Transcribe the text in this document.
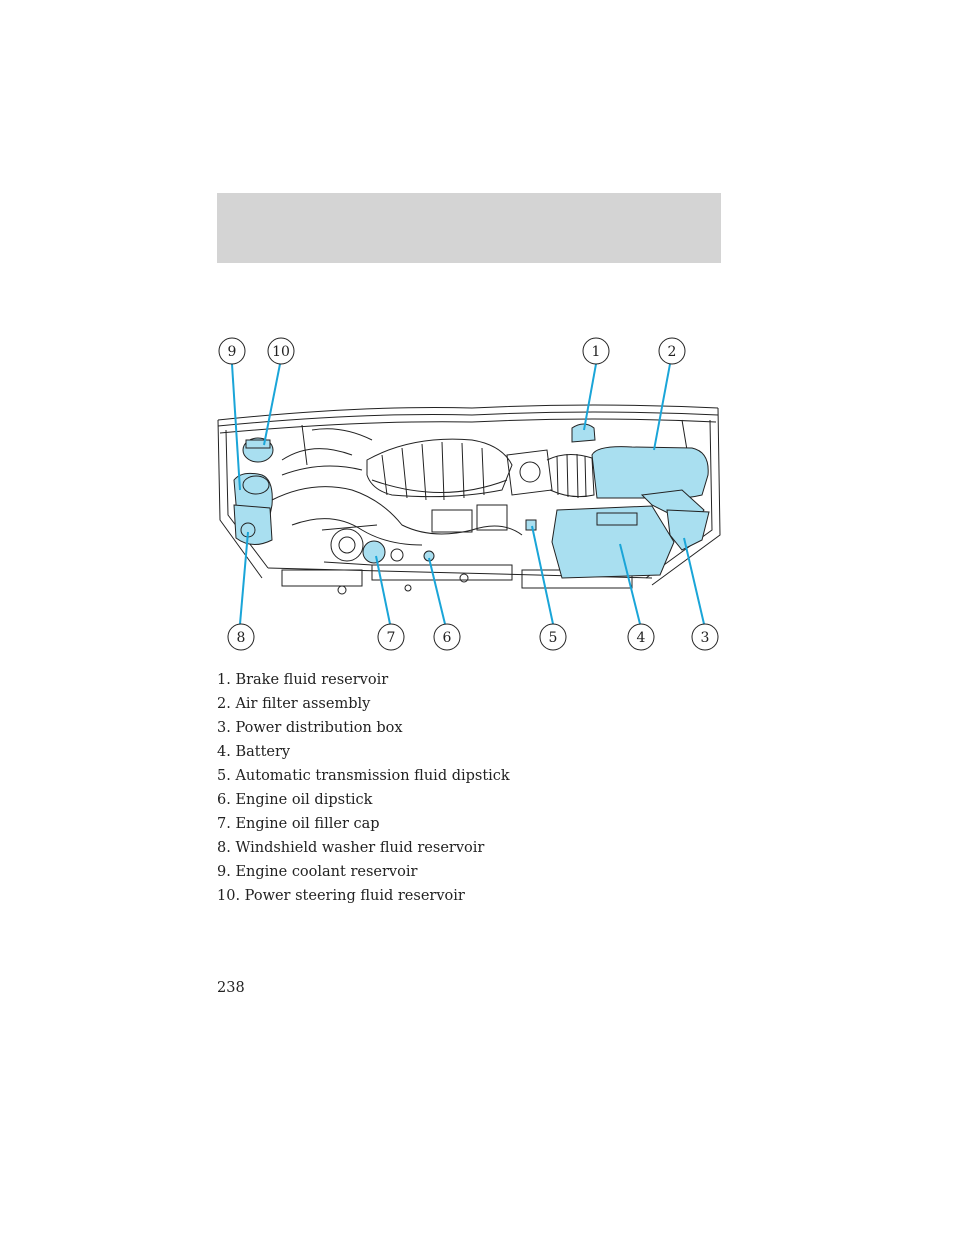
9	10	1	2
8	7	6	5	4	3
1. Brake fluid reservoir
2. Air filter assembly
3. Power distribution box
4. Battery
5. Automatic transmission fluid dipstick
6. Engine oil dipstick
7. Engine oil filler cap
8. Windshield washer fluid reservoir
9. Engine coolant reservoir
10. Power steering fluid reservoir
238
